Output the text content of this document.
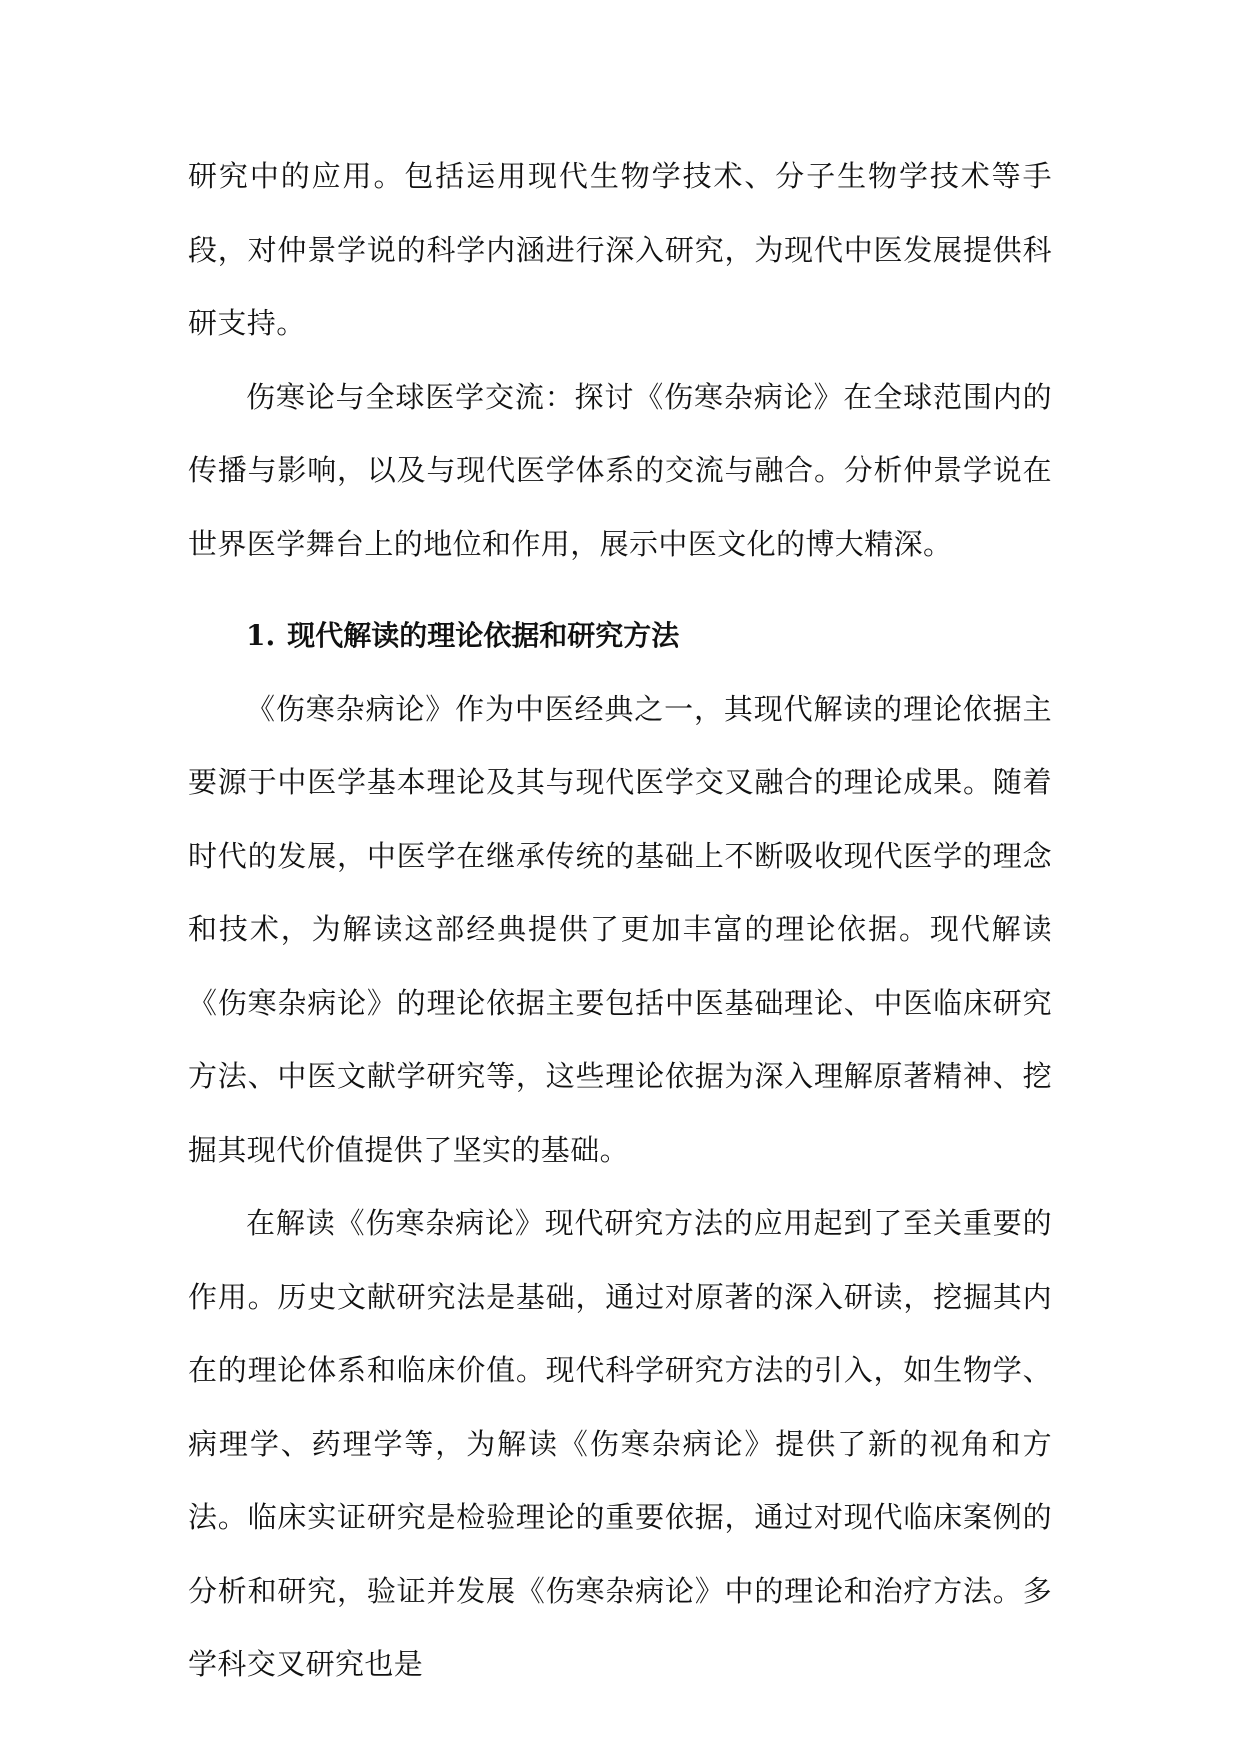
研究中的应用。包括运用现代生物学技术、分子生物学技术等手段，对仲景学说的科学内涵进行深入研究，为现代中医发展提供科研支持。

伤寒论与全球医学交流：探讨《伤寒杂病论》在全球范围内的传播与影响，以及与现代医学体系的交流与融合。分析仲景学说在世界医学舞台上的地位和作用，展示中医文化的博大精深。

1. 现代解读的理论依据和研究方法

《伤寒杂病论》作为中医经典之一，其现代解读的理论依据主要源于中医学基本理论及其与现代医学交叉融合的理论成果。随着时代的发展，中医学在继承传统的基础上不断吸收现代医学的理念和技术，为解读这部经典提供了更加丰富的理论依据。现代解读《伤寒杂病论》的理论依据主要包括中医基础理论、中医临床研究方法、中医文献学研究等，这些理论依据为深入理解原著精神、挖掘其现代价值提供了坚实的基础。

在解读《伤寒杂病论》现代研究方法的应用起到了至关重要的作用。历史文献研究法是基础，通过对原著的深入研读，挖掘其内在的理论体系和临床价值。现代科学研究方法的引入，如生物学、病理学、药理学等，为解读《伤寒杂病论》提供了新的视角和方法。临床实证研究是检验理论的重要依据，通过对现代临床案例的分析和研究，验证并发展《伤寒杂病论》中的理论和治疗方法。多学科交叉研究也是
